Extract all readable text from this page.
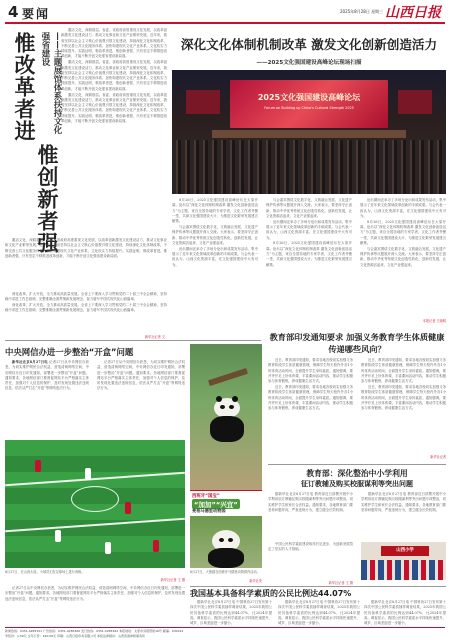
4 要闻	2025年8月28日 星期三 山西日报
惟改革者进
惟创新者强
——主题展馆体系扶持文化强省建设

激活文化，深耕基层。省委、省政府高度重视文化发展，以改革创新激发文化建设活力，推动文化事业和文化产业繁荣发展。近年来，我省坚持以社会主义核心价值观引领文化建设，持续深化文化体制改革，不断完善公共文化服务体系，加快构建现代文化产业体系，文化软实力持续提升。实践证明，惟改革者进，惟创新者强，只有坚定不移推进改革创新，才能不断开创文化强省建设新局面。

激活文化，深耕基层。省委、省政府高度重视文化发展，以改革创新激发文化建设活力，推动文化事业和文化产业繁荣发展。近年来，我省坚持以社会主义核心价值观引领文化建设，持续深化文化体制改革，不断完善公共文化服务体系，加快构建现代文化产业体系，文化软实力持续提升。实践证明，惟改革者进，惟创新者强，只有坚定不移推进改革创新，才能不断开创文化强省建设新局面。

激活文化，深耕基层。省委、省政府高度重视文化发展，以改革创新激发文化建设活力，推动文化事业和文化产业繁荣发展。近年来，我省坚持以社会主义核心价值观引领文化建设，持续深化文化体制改革，不断完善公共文化服务体系，加快构建现代文化产业体系，文化软实力持续提升。实践证明，惟改革者进，惟创新者强，只有坚定不移推进改革创新，才能不断开创文化强省建设新局面。

激活文化，深耕基层。省委、省政府高度重视文化发展，以改革创新激发文化建设活力，推动文化事业和文化产业繁荣发展。近年来，我省坚持以社会主义核心价值观引领文化建设，持续深化文化体制改革，不断完善公共文化服务体系，加快构建现代文化产业体系，文化软实力持续提升。实践证明，惟改革者进，惟创新者强，只有坚定不移推进改革创新，才能不断开创文化强省建设新局面。

深化文化体制机制改革 激发文化创新创造活力
——2025文化强国建设高峰论坛现场扫描
2025文化强国建设高峰论坛
Forum on Building up China's Cultural Strength 2025

8月26日，2025文化强国建设高峰论坛在太原开幕。论坛以“深化文化体制机制改革 激发文化创新创造活力”为主题，来自全国各地的专家学者、文化工作者齐聚一堂，共商文化强国建设大计，为推进文化繁荣发展建言献策。

与会嘉宾围绕文化数字化、文旅融合发展、文化遗产保护传承等议题展开深入交流。大家表示，要坚持守正创新，推动中华优秀传统文化创造性转化、创新性发展，让文化资源活起来、文化产业强起来。

论坛期间还举办了多场分论坛和成果发布活动，集中展示了近年来文化领域改革创新的丰硕成果。与会代表一致认为，山西文化资源丰富，在文化强国建设中大有可为。

与会嘉宾围绕文化数字化、文旅融合发展、文化遗产保护传承等议题展开深入交流。大家表示，要坚持守正创新，推动中华优秀传统文化创造性转化、创新性发展，让文化资源活起来、文化产业强起来。

论坛期间还举办了多场分论坛和成果发布活动，集中展示了近年来文化领域改革创新的丰硕成果。与会代表一致认为，山西文化资源丰富，在文化强国建设中大有可为。

8月26日，2025文化强国建设高峰论坛在太原开幕。论坛以“深化文化体制机制改革 激发文化创新创造活力”为主题，来自全国各地的专家学者、文化工作者齐聚一堂，共商文化强国建设大计，为推进文化繁荣发展建言献策。

论坛期间还举办了多场分论坛和成果发布活动，集中展示了近年来文化领域改革创新的丰硕成果。与会代表一致认为，山西文化资源丰富，在文化强国建设中大有可为。

8月26日，2025文化强国建设高峰论坛在太原开幕。论坛以“深化文化体制机制改革 激发文化创新创造活力”为主题，来自全国各地的专家学者、文化工作者齐聚一堂，共商文化强国建设大计，为推进文化繁荣发展建言献策。

与会嘉宾围绕文化数字化、文旅融合发展、文化遗产保护传承等议题展开深入交流。大家表示，要坚持守正创新，推动中华优秀传统文化创造性转化、创新性发展，让文化资源活起来、文化产业强起来。

本报记者 王晓明

深化改革，扩大开放，全力推动高质量发展。全省上下要深入学习贯彻党的二十届三中全会精神，坚持稳中求进工作总基调，完整准确全面贯彻新发展理念，奋力谱写中国式现代化山西篇章。

深化改革，扩大开放，全力推动高质量发展。全省上下要深入学习贯彻党的二十届三中全会精神，坚持稳中求进工作总基调，完整准确全面贯彻新发展理念，奋力谱写中国式现代化山西篇章。

新华社记者 文
中央网信办进一步整治“开盒”问题

新华社北京8月27日电 记者27日从中央网信办获悉，为切实维护网民合法权益，营造清朗网络空间，中央网信办近日印发通知，部署进一步整治“开盒”问题。通知要求，各地网信部门要督促网站平台严格落实主体责任，加强对个人信息的保护，及时发现处置违法违规信息，依法从严打击“开盒”等网络违法行为。

记者27日从中央网信办获悉，为切实维护网民合法权益，营造清朗网络空间，中央网信办近日印发通知，部署进一步整治“开盒”问题。通知要求，各地网信部门要督促网站平台严格落实主体责任，加强对个人信息的保护，及时发现处置违法违规信息，依法从严打击“开盒”等网络违法行为。

8月27日，在山西太原，小球员们在足球场上进行训练。
新华社记者 王 摄
西班牙“国宝”
“加加”“兴宜”
亮相马德里动物园
8月27日，大熊猫在西班牙马德里动物园内活动。
新华社发
教育部印发通知要求 加强义务教育学生体质健康
传递哪些风向？

近日，教育部印发通知，要求各地各校切实加强义务教育阶段学生体质健康管理，保障学生每天校内外各1小时体育活动时间，全面提升学生身体素质。通知强调，要开齐开足上好体育课，丰富课间活动内容，推动学生积极参与体育锻炼，养成健康生活方式。

近日，教育部印发通知，要求各地各校切实加强义务教育阶段学生体质健康管理，保障学生每天校内外各1小时体育活动时间，全面提升学生身体素质。通知强调，要开齐开足上好体育课，丰富课间活动内容，推动学生积极参与体育锻炼，养成健康生活方式。

近日，教育部印发通知，要求各地各校切实加强义务教育阶段学生体质健康管理，保障学生每天校内外各1小时体育活动时间，全面提升学生身体素质。通知强调，要开齐开足上好体育课，丰富课间活动内容，推动学生积极参与体育锻炼，养成健康生活方式。

近日，教育部印发通知，要求各地各校切实加强义务教育阶段学生体质健康管理，保障学生每天校内外各1小时体育活动时间，全面提升学生身体素质。通知强调，要开齐开足上好体育课，丰富课间活动内容，推动学生积极参与体育锻炼，养成健康生活方式。

新华社记者
教育部：深化整治中小学利用
征订教辅及购买校服谋利等突出问题

据新华社北京8月27日电 教育部近日部署开展中小学利用征订教辅及购买校服谋利等突出问题专项整治，切实维护学生和家长合法权益。通知要求，各地教育部门要坚持问题导向，严查违规行为，建立健全长效机制。

据新华社北京8月27日电 教育部近日部署开展中小学利用征订教辅及购买校服谋利等突出问题专项整治，切实维护学生和家长合法权益。通知要求，各地教育部门要坚持问题导向，严查违规行为，建立健全长效机制。

山西小学

中国公民科学素质建设取得长足进步，为创新发展奠定了坚实的人才基础。

新华社记者 王 摄
我国基本具备科学素质的公民比例达44.07%

据新华社北京8月27日电 中国科协27日发布第十四次中国公民科学素质抽样调查结果，2025年我国公民具备科学素质的比例达到44.07%，比2024年提高。调查显示，我国公民科学素质水平持续快速提升，城乡、区域差距进一步缩小。

据新华社北京8月27日电 中国科协27日发布第十四次中国公民科学素质抽样调查结果，2025年我国公民具备科学素质的比例达到44.07%，比2024年提高。调查显示，我国公民科学素质水平持续快速提升，城乡、区域差距进一步缩小。

据新华社北京8月27日电 中国科协27日发布第十四次中国公民科学素质抽样调查结果，2025年我国公民具备科学素质的比例达到44.07%，比2024年提高。调查显示，我国公民科学素质水平持续快速提升，城乡、区域差距进一步缩小。

记者27日从中央网信办获悉，为切实维护网民合法权益，营造清朗网络空间，中央网信办近日印发通知，部署进一步整治“开盒”问题。通知要求，各地网信部门要督促网站平台严格落实主体责任，加强对个人信息的保护，及时发现处置违法违规信息，依法从严打击“开盒”等网络违法行为。

新闻热线：0351-4285151 广告热线：0351-4285360 发行热线：0351-4285362 本报地址：太原市双塔西街16号 邮编：030012
零售价：1.50元 全年订价：420.00元 印刷：山西日报印务有限公司 本报法律顾问：山西晋商律师事务所
